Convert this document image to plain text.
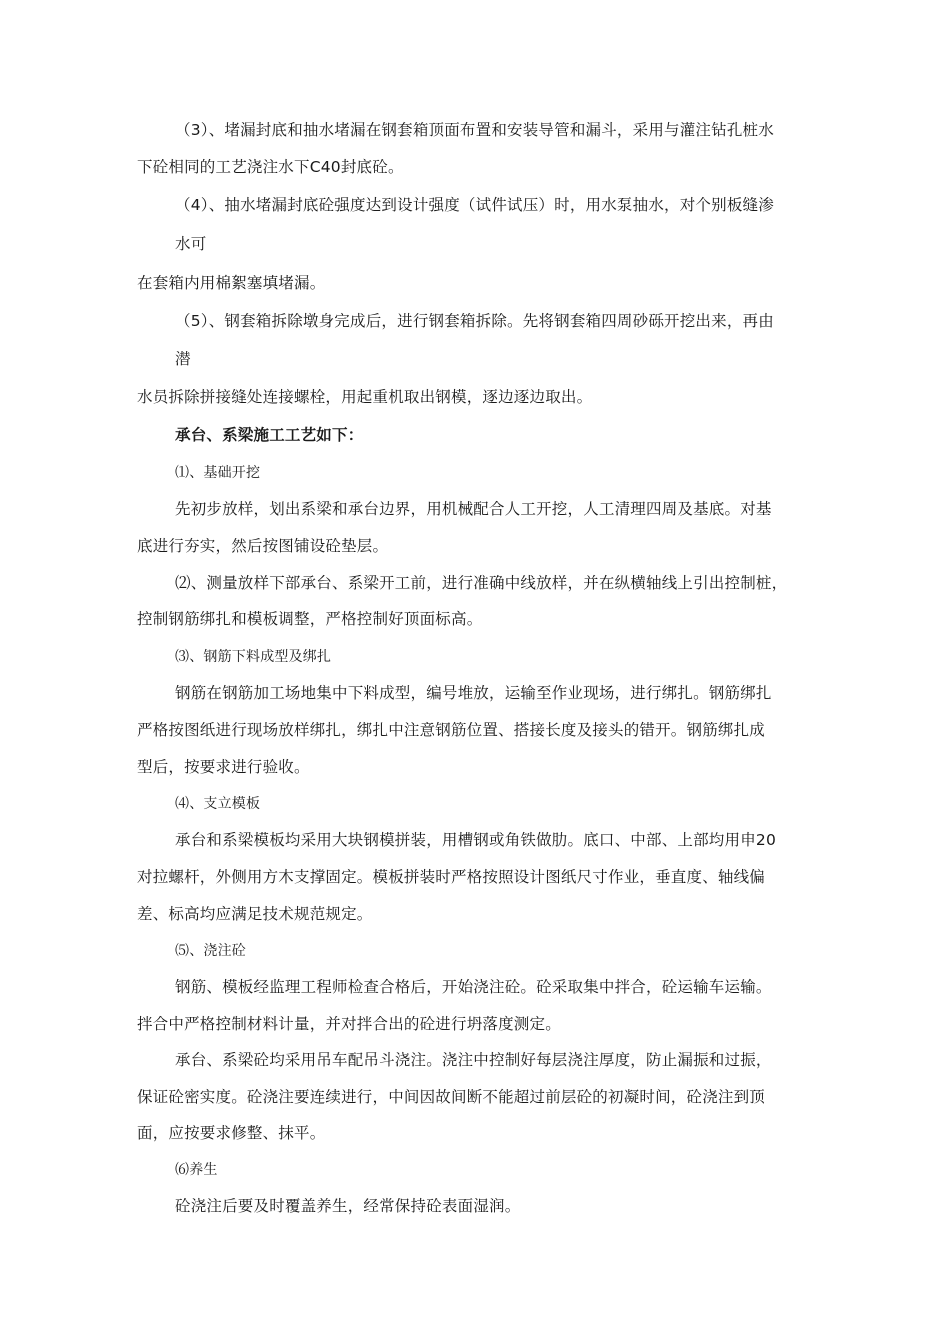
（3）、堵漏封底和抽水堵漏在钢套箱顶面布置和安装导管和漏斗，采用与灌注钻孔桩水
下砼相同的工艺浇注水下C40封底砼。
（4）、抽水堵漏封底砼强度达到设计强度（试件试压）时，用水泵抽水，对个别板缝渗
水可
在套箱内用棉絮塞填堵漏。
（5）、钢套箱拆除墩身完成后，进行钢套箱拆除。先将钢套箱四周砂砾开挖出来，再由
潜
水员拆除拼接缝处连接螺栓，用起重机取出钢模，逐边逐边取出。
承台、系梁施工工艺如下：
⑴、基础开挖
先初步放样，划出系梁和承台边界，用机械配合人工开挖，人工清理四周及基底。对基
底进行夯实，然后按图铺设砼垫层。
⑵、测量放样下部承台、系梁开工前，进行准确中线放样，并在纵横轴线上引出控制桩，
控制钢筋绑扎和模板调整，严格控制好顶面标高。
⑶、钢筋下料成型及绑扎
钢筋在钢筋加工场地集中下料成型，编号堆放，运输至作业现场，进行绑扎。钢筋绑扎
严格按图纸进行现场放样绑扎，绑扎中注意钢筋位置、搭接长度及接头的错开。钢筋绑扎成
型后，按要求进行验收。
⑷、支立模板
承台和系梁模板均采用大块钢模拼装，用槽钢或角铁做肋。底口、中部、上部均用申20
对拉螺杆，外侧用方木支撑固定。模板拼装时严格按照设计图纸尺寸作业，垂直度、轴线偏
差、标高均应满足技术规范规定。
⑸、浇注砼
钢筋、模板经监理工程师检查合格后，开始浇注砼。砼采取集中拌合，砼运输车运输。
拌合中严格控制材料计量，并对拌合出的砼进行坍落度测定。
承台、系梁砼均采用吊车配吊斗浇注。浇注中控制好每层浇注厚度，防止漏振和过振，
保证砼密实度。砼浇注要连续进行，中间因故间断不能超过前层砼的初凝时间，砼浇注到顶
面，应按要求修整、抹平。
⑹养生
砼浇注后要及时覆盖养生，经常保持砼表面湿润。
